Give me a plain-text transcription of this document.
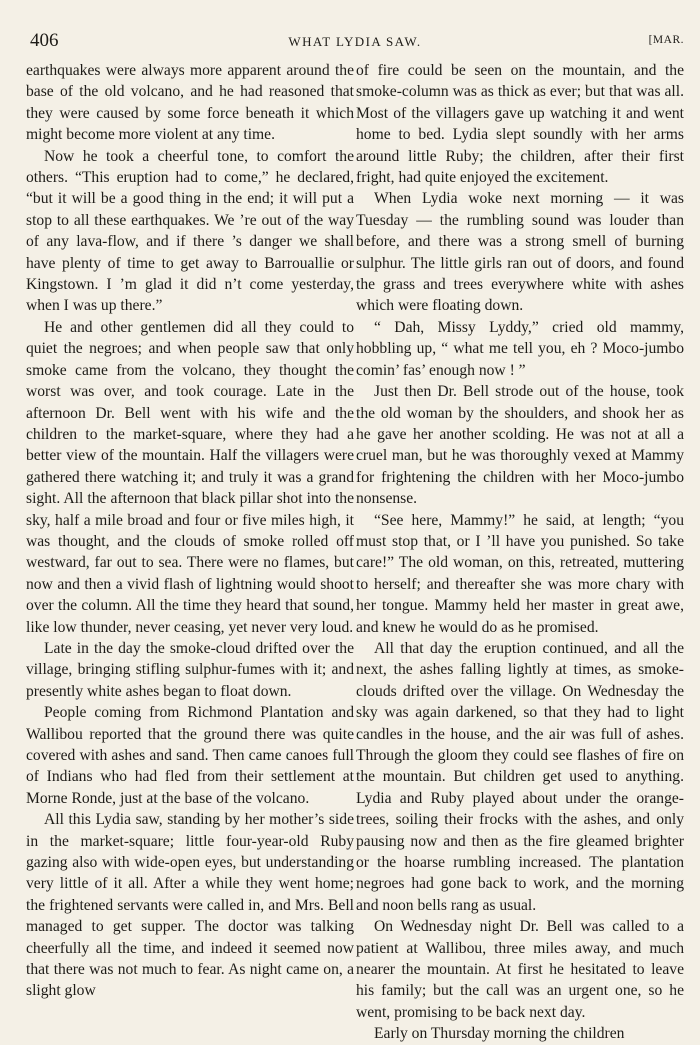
406	WHAT LYDIA SAW.	[MAR.

earthquakes were always more apparent around the base of the old volcano, and he had reasoned that they were caused by some force beneath it which might become more violent at any time.

Now he took a cheerful tone, to comfort the others. “This eruption had to come,” he declared, “but it will be a good thing in the end; it will put a stop to all these earthquakes. We ’re out of the way of any lava-flow, and if there ’s danger we shall have plenty of time to get away to Barrouallie or Kingstown. I ’m glad it did n’t come yesterday, when I was up there.”

He and other gentlemen did all they could to quiet the negroes; and when people saw that only smoke came from the volcano, they thought the worst was over, and took courage. Late in the afternoon Dr. Bell went with his wife and the children to the market-square, where they had a better view of the mountain. Half the villagers were gathered there watching it; and truly it was a grand sight. All the afternoon that black pillar shot into the sky, half a mile broad and four or five miles high, it was thought, and the clouds of smoke rolled off westward, far out to sea. There were no flames, but now and then a vivid flash of lightning would shoot over the column. All the time they heard that sound, like low thunder, never ceasing, yet never very loud.

Late in the day the smoke-cloud drifted over the village, bringing stifling sulphur-fumes with it; and presently white ashes began to float down.

People coming from Richmond Plantation and Wallibou reported that the ground there was quite covered with ashes and sand. Then came canoes full of Indians who had fled from their settlement at Morne Ronde, just at the base of the volcano.

All this Lydia saw, standing by her mother’s side in the market-square; little four-year-old Ruby gazing also with wide-open eyes, but understanding very little of it all. After a while they went home; the frightened servants were called in, and Mrs. Bell managed to get supper. The doctor was talking cheerfully all the time, and indeed it seemed now that there was not much to fear. As night came on, a slight glow

of fire could be seen on the mountain, and the smoke-column was as thick as ever; but that was all. Most of the villagers gave up watching it and went home to bed. Lydia slept soundly with her arms around little Ruby; the children, after their first fright, had quite enjoyed the excitement.

When Lydia woke next morning — it was Tuesday — the rumbling sound was louder than before, and there was a strong smell of burning sulphur. The little girls ran out of doors, and found the grass and trees everywhere white with ashes which were floating down.

“ Dah, Missy Lyddy,” cried old mammy, hobbling up, “ what me tell you, eh ? Moco-jumbo comin’ fas’ enough now ! ”

Just then Dr. Bell strode out of the house, took the old woman by the shoulders, and shook her as he gave her another scolding. He was not at all a cruel man, but he was thoroughly vexed at Mammy for frightening the children with her Moco-jumbo nonsense.

“See here, Mammy!” he said, at length; “you must stop that, or I ’ll have you punished. So take care!” The old woman, on this, retreated, muttering to herself; and thereafter she was more chary with her tongue. Mammy held her master in great awe, and knew he would do as he promised.

All that day the eruption continued, and all the next, the ashes falling lightly at times, as smoke-clouds drifted over the village. On Wednesday the sky was again darkened, so that they had to light candles in the house, and the air was full of ashes. Through the gloom they could see flashes of fire on the mountain. But children get used to anything. Lydia and Ruby played about under the orange-trees, soiling their frocks with the ashes, and only pausing now and then as the fire gleamed brighter or the hoarse rumbling increased. The plantation negroes had gone back to work, and the morning and noon bells rang as usual.

On Wednesday night Dr. Bell was called to a patient at Wallibou, three miles away, and much nearer the mountain. At first he hesitated to leave his family; but the call was an urgent one, so he went, promising to be back next day.

Early on Thursday morning the children
